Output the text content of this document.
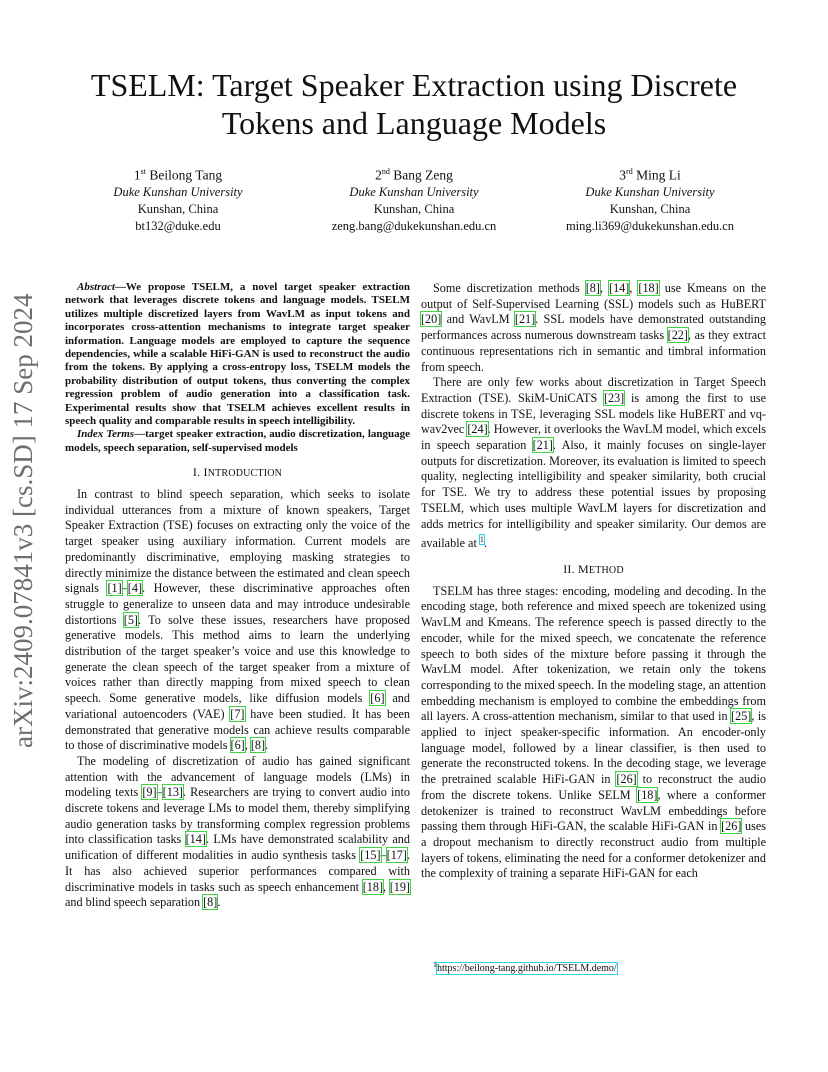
arXiv:2409.07841v3 [cs.SD] 17 Sep 2024
TSELM: Target Speaker Extraction using Discrete
Tokens and Language Models
1st Beilong Tang
Duke Kunshan University
Kunshan, China
bt132@duke.edu
2nd Bang Zeng
Duke Kunshan University
Kunshan, China
zeng.bang@dukekunshan.edu.cn
3rd Ming Li
Duke Kunshan University
Kunshan, China
ming.li369@dukekunshan.edu.cn

Abstract—We propose TSELM, a novel target speaker extraction network that leverages discrete tokens and language models. TSELM utilizes multiple discretized layers from WavLM as input tokens and incorporates cross-attention mechanisms to integrate target speaker information. Language models are employed to capture the sequence dependencies, while a scalable HiFi-GAN is used to reconstruct the audio from the tokens. By applying a cross-entropy loss, TSELM models the probability distribution of output tokens, thus converting the complex regression problem of audio generation into a classification task. Experimental results show that TSELM achieves excellent results in speech quality and comparable results in speech intelligibility.

Index Terms—target speaker extraction, audio discretization, language models, speech separation, self-supervised models

I. INTRODUCTION

In contrast to blind speech separation, which seeks to isolate individual utterances from a mixture of known speakers, Target Speaker Extraction (TSE) focuses on extracting only the voice of the target speaker using auxiliary information. Current models are predominantly discriminative, employing masking strategies to directly minimize the distance between the estimated and clean speech signals [1]–[4]. However, these discriminative approaches often struggle to generalize to unseen data and may introduce undesirable distortions [5]. To solve these issues, researchers have proposed generative models. This method aims to learn the underlying distribution of the target speaker’s voice and use this knowledge to generate the clean speech of the target speaker from a mixture of voices rather than directly mapping from mixed speech to clean speech. Some generative models, like diffusion models [6] and variational autoencoders (VAE) [7] have been studied. It has been demonstrated that generative models can achieve results comparable to those of discriminative models [6], [8].

The modeling of discretization of audio has gained significant attention with the advancement of language models (LMs) in modeling texts [9]–[13]. Researchers are trying to convert audio into discrete tokens and leverage LMs to model them, thereby simplifying audio generation tasks by transforming complex regression problems into classification tasks [14]. LMs have demonstrated scalability and unification of different modalities in audio synthesis tasks [15]–[17]. It has also achieved superior performances compared with discriminative models in tasks such as speech enhancement [18], [19] and blind speech separation [8].

Some discretization methods [8], [14], [18] use Kmeans on the output of Self-Supervised Learning (SSL) models such as HuBERT [20] and WavLM [21]. SSL models have demonstrated outstanding performances across numerous downstream tasks [22], as they extract continuous representations rich in semantic and timbral information from speech.

There are only few works about discretization in Target Speech Extraction (TSE). SkiM-UniCATS [23] is among the first to use discrete tokens in TSE, leveraging SSL models like HuBERT and vq-wav2vec [24]. However, it overlooks the WavLM model, which excels in speech separation [21]. Also, it mainly focuses on single-layer outputs for discretization. Moreover, its evaluation is limited to speech quality, neglecting intelligibility and speaker similarity, both crucial for TSE. We try to address these potential issues by proposing TSELM, which uses multiple WavLM layers for discretization and adds metrics for intelligibility and speaker similarity. Our demos are available at $^1$.

II. METHOD

TSELM has three stages: encoding, modeling and decoding. In the encoding stage, both reference and mixed speech are tokenized using WavLM and Kmeans. The reference speech is passed directly to the encoder, while for the mixed speech, we concatenate the reference speech to both sides of the mixture before passing it through the WavLM model. After tokenization, we retain only the tokens corresponding to the mixed speech. In the modeling stage, an attention embedding mechanism is employed to combine the embeddings from all layers. A cross-attention mechanism, similar to that used in [25], is applied to inject speaker-specific information. An encoder-only language model, followed by a linear classifier, is then used to generate the reconstructed tokens. In the decoding stage, we leverage the pretrained scalable HiFi-GAN in [26] to reconstruct the audio from the discrete tokens. Unlike SELM [18], where a conformer detokenizer is trained to reconstruct WavLM embeddings before passing them through HiFi-GAN, the scalable HiFi-GAN in [26] uses a dropout mechanism to directly reconstruct audio from multiple layers of tokens, eliminating the need for a conformer detokenizer and the complexity of training a separate HiFi-GAN for each

$^1$https://beilong-tang.github.io/TSELM.demo/
